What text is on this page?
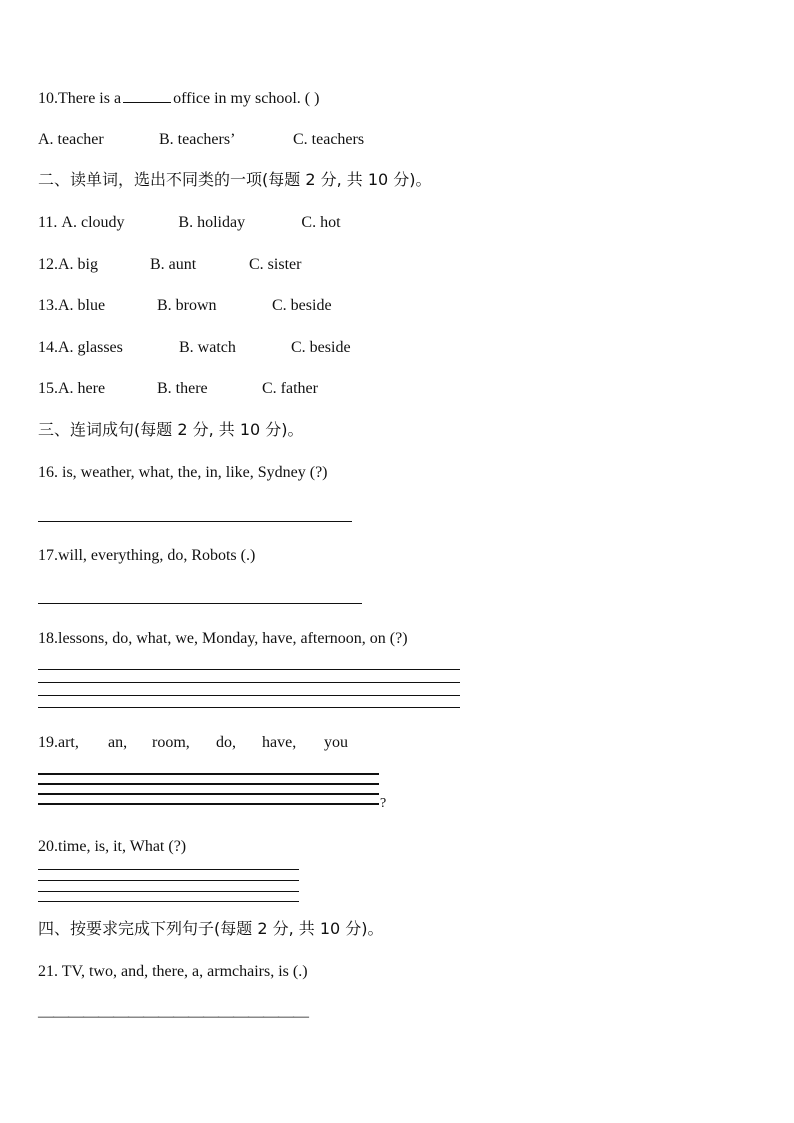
10.There is a	office in my school. ( )
A. teacher	B. teachers’	C. teachers
二、读单词，选出不同类的一项(每题 2 分, 共 10 分)。
11. A. cloudy	B. holiday	C. hot
12.A. big	B. aunt	C. sister
13.A. blue	B. brown	C. beside
14.A. glasses	B. watch	C. beside
15.A. here	B. there	C. father
三、连词成句(每题 2 分, 共 10 分)。
16. is, weather, what, the, in, like, Sydney (?)
17.will, everything, do, Robots (.)
18.lessons, do, what, we, Monday, have, afternoon, on (?)
19.art, an, room, do, have, you
?
20.time, is, it, What (?)
四、按要求完成下列句子(每题 2 分, 共 10 分)。
21. TV, two, and, there, a, armchairs, is (.)
——————————————————
